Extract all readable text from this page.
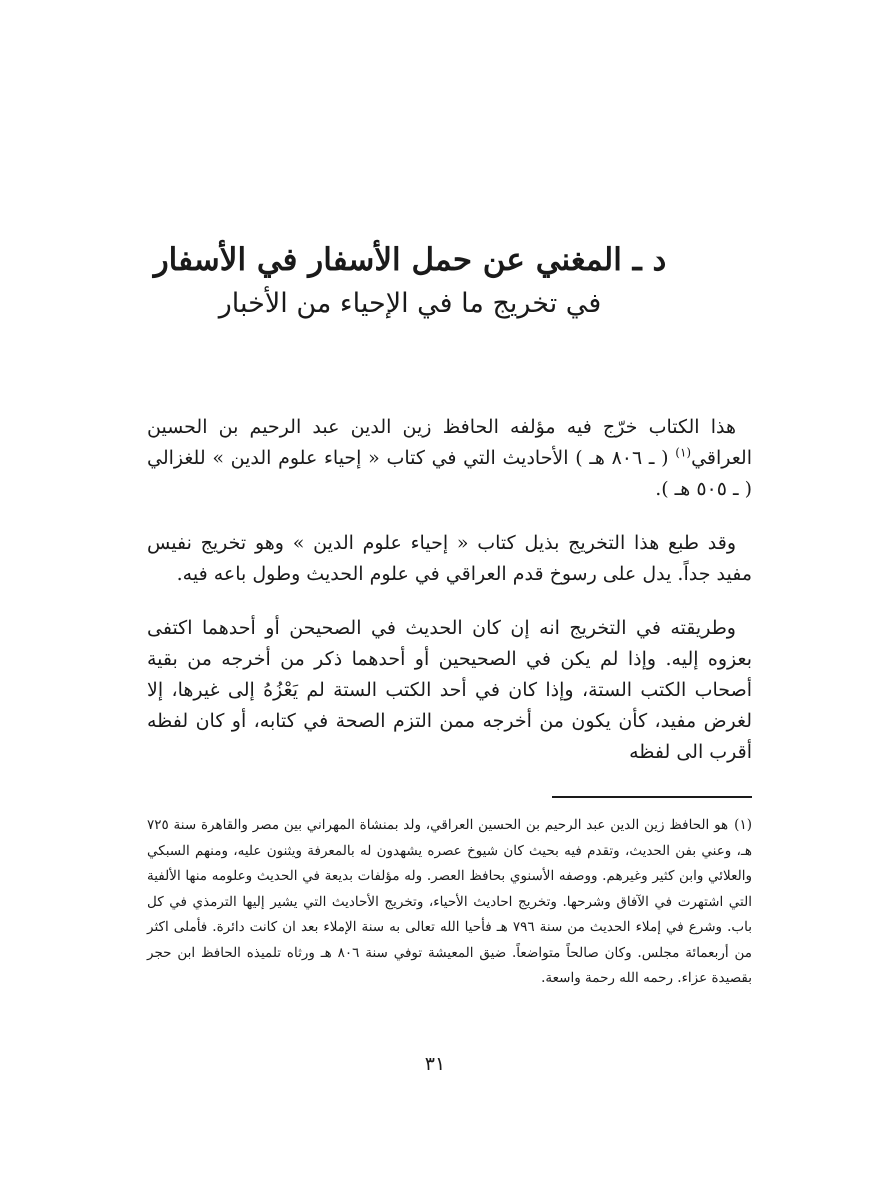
د ـ المغني عن حمل الأسفار في الأسفار
في تخريج ما في الإحياء من الأخبار

هذا الكتاب خرّج فيه مؤلفه الحافظ زين الدين عبد الرحيم بن الحسين العراقي$^{(١)}$ ( ـ ٨٠٦ هـ ) الأحاديث التي في كتاب « إحياء علوم الدين » للغزالي ( ـ ٥٠٥ هـ ).

وقد طبع هذا التخريج بذيل كتاب « إحياء علوم الدين » وهو تخريج نفيس مفيد جداً. يدل على رسوخ قدم العراقي في علوم الحديث وطول باعه فيه.

وطريقته في التخريج انه إن كان الحديث في الصحيحن أو أحدهما اكتفى بعزوه إليه. وإذا لم يكن في الصحيحين أو أحدهما ذكر من أخرجه من بقية أصحاب الكتب الستة، وإذا كان في أحد الكتب الستة لم يَعْزُهُ إلى غيرها، إلا لغرض مفيد، كأن يكون من أخرجه ممن التزم الصحة في كتابه، أو كان لفظه أقرب الى لفظه

(١)هو الحافظ زين الدين عبد الرحيم بن الحسين العراقي، ولد بمنشاة المهراني بين مصر والقاهرة سنة ٧٢٥ هـ، وعني بفن الحديث، وتقدم فيه بحيث كان شيوخ عصره يشهدون له بالمعرفة ويثنون عليه، ومنهم السبكي والعلائي وابن كثير وغيرهم. ووصفه الأسنوي بحافظ العصر. وله مؤلفات بديعة في الحديث وعلومه منها الألفية التي اشتهرت في الآفاق وشرحها. وتخريج احاديث الأحياء، وتخريج الأحاديث التي يشير إليها الترمذي في كل باب. وشرع في إملاء الحديث من سنة ٧٩٦ هـ فأحيا الله تعالى به سنة الإملاء بعد ان كانت دائرة. فأملى اكثر من أربعمائة مجلس. وكان صالحاً متواضعاً. ضيق المعيشة توفي سنة ٨٠٦ هـ ورثاه تلميذه الحافظ ابن حجر بقصيدة عزاء. رحمه الله رحمة واسعة.
٣١
